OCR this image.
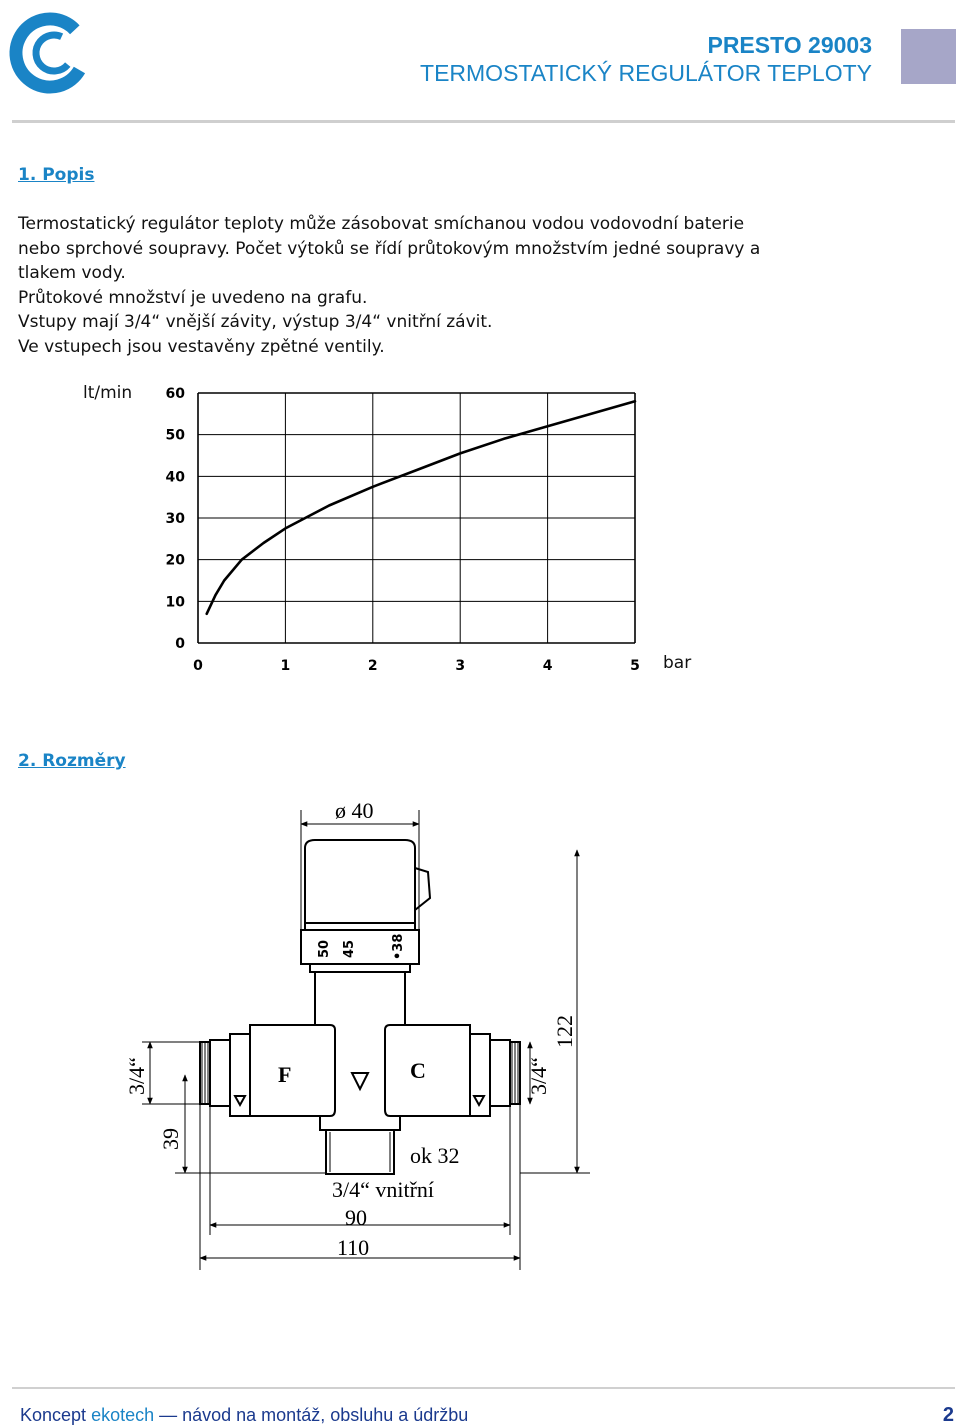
PRESTO 29003
TERMOSTATICKÝ REGULÁTOR TEPLOTY
1. Popis

Termostatický regulátor teploty může zásobovat smíchanou vodou vodovodní baterie

nebo sprchové soupravy. Počet výtoků se řídí průtokovým množstvím jedné soupravy a

tlakem vody.

Průtokové množství je uvedeno na grafu.

Vstupy mají 3/4“ vnější závity, výstup 3/4“ vnitřní závit.

Ve vstupech jsou vestavěny zpětné ventily.

lt/min
0	1	2	3	4	5
0
10
20
30
40
50
60
bar
2. Rozměry
ø 40
F	C
ok 32
3/4“ vnitřní
90
110
122
39
3/4“	3/4“
50 45	•38
Koncept ekotech — návod na montáž, obsluhu a údržbu	2
